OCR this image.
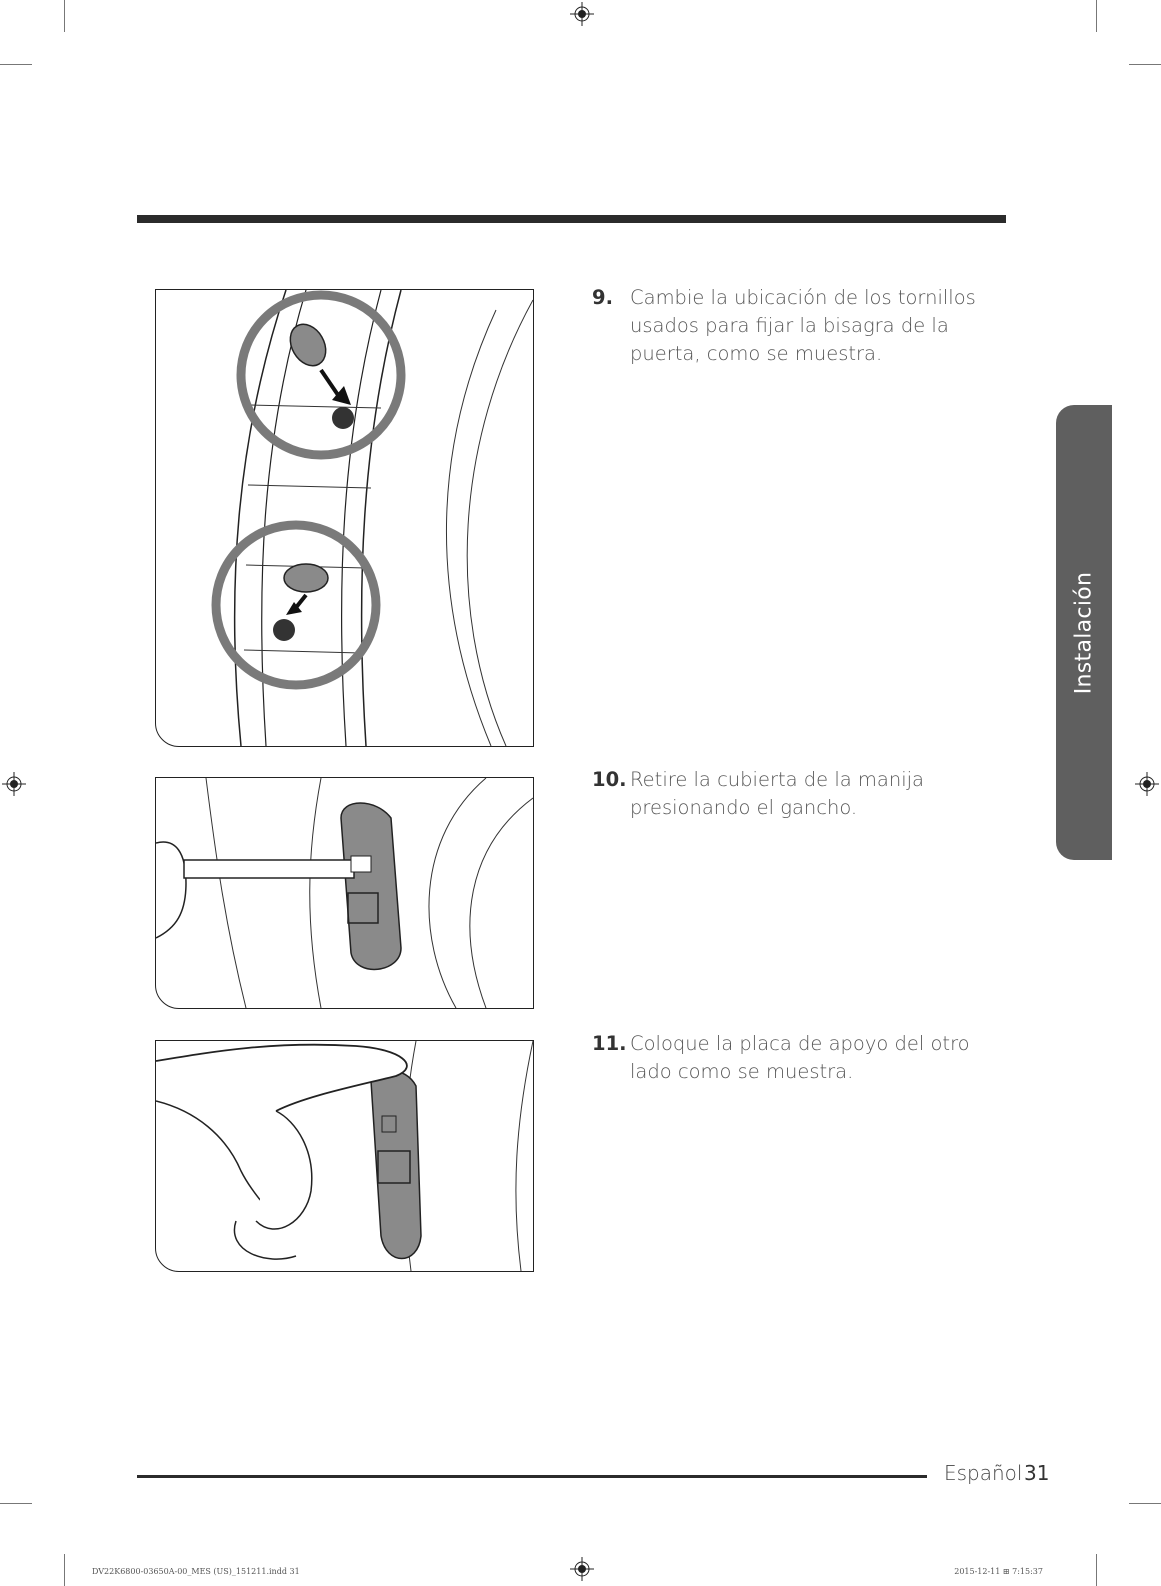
9. Cambie la ubicación de los tornillos usados para fijar la bisagra de la puerta, como se muestra.
10. Retire la cubierta de la manija presionando el gancho.
11. Coloque la placa de apoyo del otro lado como se muestra.
Instalación
Español 31
DV22K6800-03650A-00_MES (US)_151211.indd 31	2015-12-11 ⊞ 7:15:37
